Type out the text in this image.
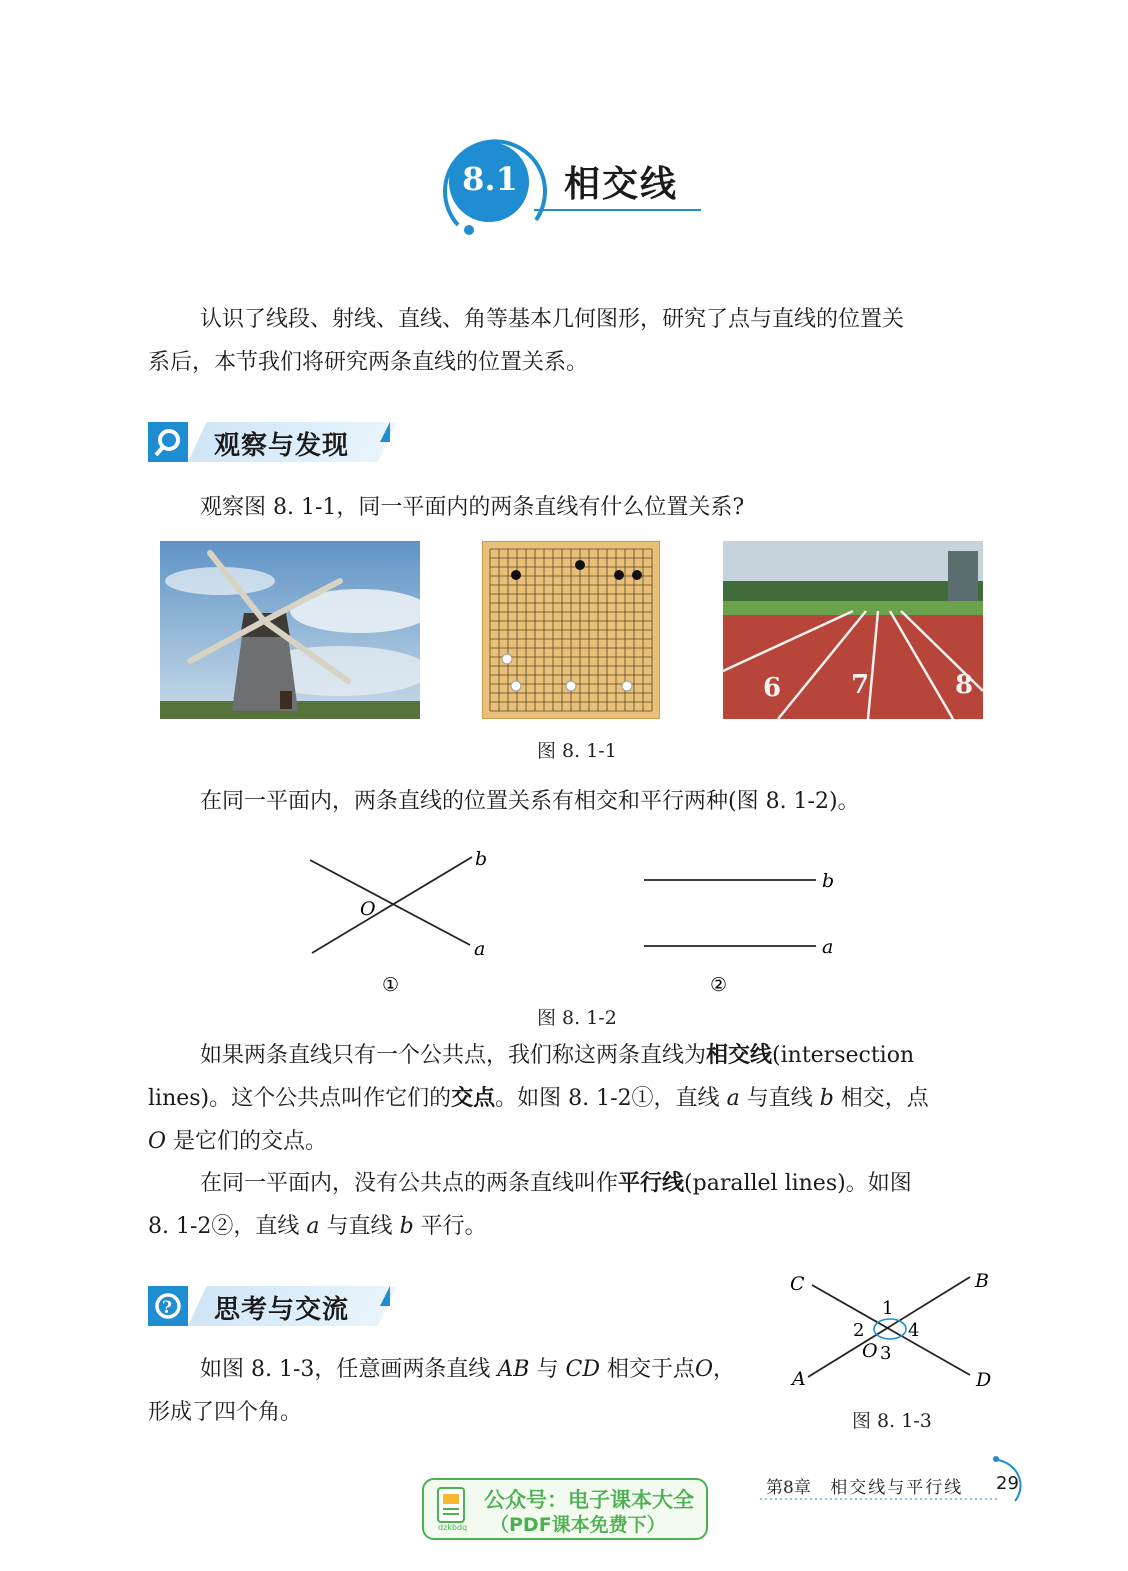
8.1 相交线

认识了线段、射线、直线、角等基本几何图形，研究了点与直线的位置关
系后，本节我们将研究两条直线的位置关系。

观察与发现

观察图 8. 1-1，同一平面内的两条直线有什么位置关系?

6	7	8
图 8. 1-1

在同一平面内，两条直线的位置关系有相交和平行两种(图 8. 1-2)。

b
a
O
①
b
a
②
图 8. 1-2

如果两条直线只有一个公共点，我们称这两条直线为相交线(intersection
lines)。这个公共点叫作它们的交点。如图 8. 1-2①，直线 a 与直线 b 相交，点
O 是它们的交点。

在同一平面内，没有公共点的两条直线叫作平行线(parallel lines)。如图
8. 1-2②，直线 a 与直线 b 平行。

? 思考与交流

如图 8. 1-3，任意画两条直线 AB 与 CD 相交于点O，
形成了四个角。

C	B
A	D
O
1
2
3
4
图 8. 1-3
dzkbdq
公众号：电子课本大全
（PDF课本免费下）
第8章 相交线与平行线 29
